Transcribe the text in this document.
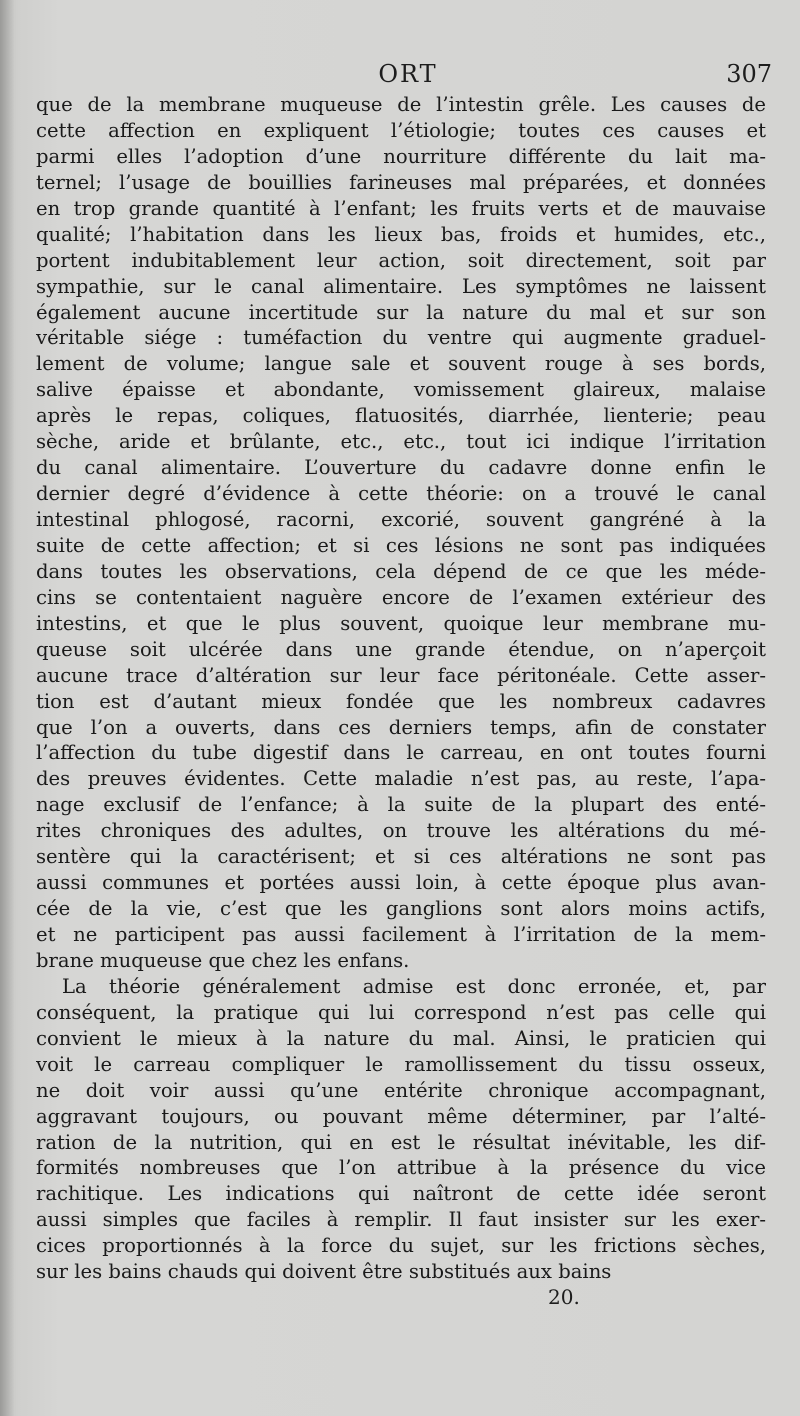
ORT	307
que de la membrane muqueuse de l’intestin grêle. Les causes de
cette affection en expliquent l’étiologie; toutes ces causes et
parmi elles l’adoption d’une nourriture différente du lait ma-
ternel; l’usage de bouillies farineuses mal préparées, et données
en trop grande quantité à l’enfant; les fruits verts et de mauvaise
qualité; l’habitation dans les lieux bas, froids et humides, etc.,
portent indubitablement leur action, soit directement, soit par
sympathie, sur le canal alimentaire. Les symptômes ne laissent
également aucune incertitude sur la nature du mal et sur son
véritable siége : tuméfaction du ventre qui augmente graduel-
lement de volume; langue sale et souvent rouge à ses bords,
salive épaisse et abondante, vomissement glaireux, malaise
après le repas, coliques, flatuosités, diarrhée, lienterie; peau
sèche, aride et brûlante, etc., etc., tout ici indique l’irritation
du canal alimentaire. L’ouverture du cadavre donne enfin le
dernier degré d’évidence à cette théorie: on a trouvé le canal
intestinal phlogosé, racorni, excorié, souvent gangréné à la
suite de cette affection; et si ces lésions ne sont pas indiquées
dans toutes les observations, cela dépend de ce que les méde-
cins se contentaient naguère encore de l’examen extérieur des
intestins, et que le plus souvent, quoique leur membrane mu-
queuse soit ulcérée dans une grande étendue, on n’aperçoit
aucune trace d’altération sur leur face péritonéale. Cette asser-
tion est d’autant mieux fondée que les nombreux cadavres
que l’on a ouverts, dans ces derniers temps, afin de constater
l’affection du tube digestif dans le carreau, en ont toutes fourni
des preuves évidentes. Cette maladie n’est pas, au reste, l’apa-
nage exclusif de l’enfance; à la suite de la plupart des enté-
rites chroniques des adultes, on trouve les altérations du mé-
sentère qui la caractérisent; et si ces altérations ne sont pas
aussi communes et portées aussi loin, à cette époque plus avan-
cée de la vie, c’est que les ganglions sont alors moins actifs,
et ne participent pas aussi facilement à l’irritation de la mem-
brane muqueuse que chez les enfans.
La théorie généralement admise est donc erronée, et, par
conséquent, la pratique qui lui correspond n’est pas celle qui
convient le mieux à la nature du mal. Ainsi, le praticien qui
voit le carreau compliquer le ramollissement du tissu osseux,
ne doit voir aussi qu’une entérite chronique accompagnant,
aggravant toujours, ou pouvant même déterminer, par l’alté-
ration de la nutrition, qui en est le résultat inévitable, les dif-
formités nombreuses que l’on attribue à la présence du vice
rachitique. Les indications qui naîtront de cette idée seront
aussi simples que faciles à remplir. Il faut insister sur les exer-
cices proportionnés à la force du sujet, sur les frictions sèches,
sur les bains chauds qui doivent être substitués aux bains
20.
